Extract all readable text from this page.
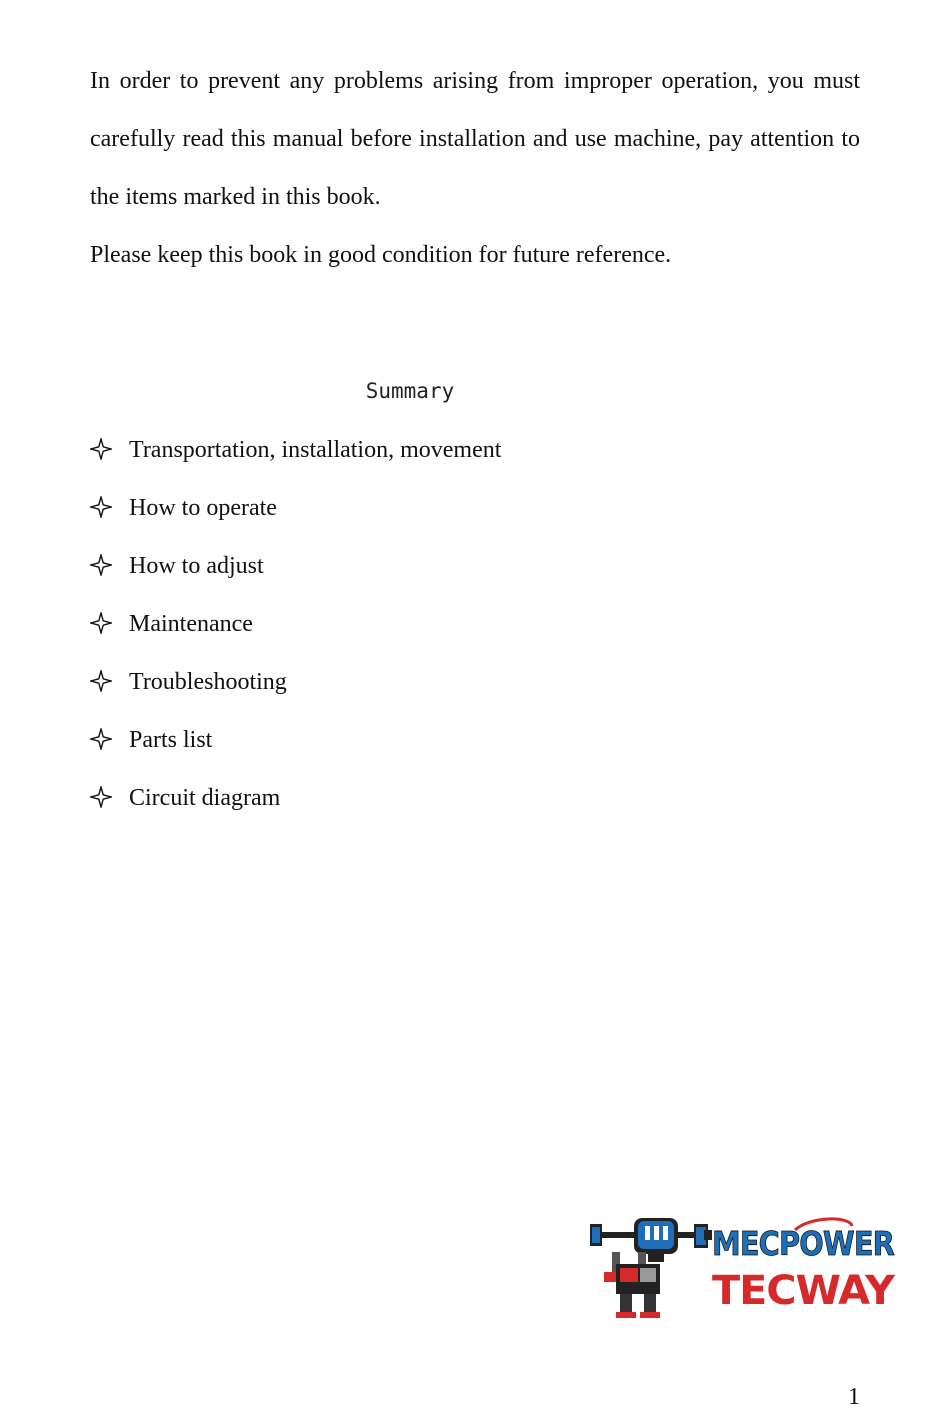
In order to prevent any problems arising from improper operation, you must carefully read this manual before installation and use machine, pay attention to the items marked in this book.

Please keep this book in good condition for future reference.

Summary
Transportation, installation, movement
How to operate
How to adjust
Maintenance
Troubleshooting
Parts list
Circuit diagram
MECPOWER
TECWAY
1
